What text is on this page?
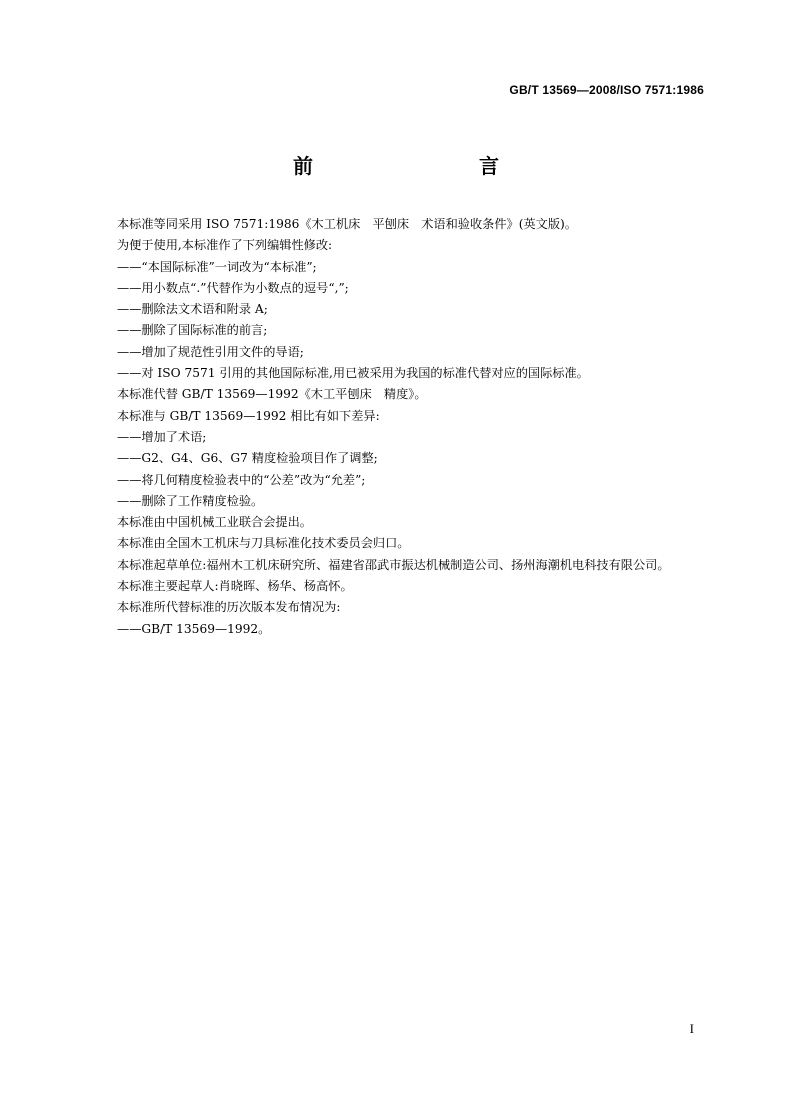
GB/T 13569—2008/ISO 7571:1986
前　　言

本标准等同采用 ISO 7571:1986《木工机床　平刨床　术语和验收条件》(英文版)。

为便于使用,本标准作了下列编辑性修改:

——“本国际标准”一词改为“本标准”;

——用小数点“.”代替作为小数点的逗号“,”;

——删除法文术语和附录 A;

——删除了国际标准的前言;

——增加了规范性引用文件的导语;

——对 ISO 7571 引用的其他国际标准,用已被采用为我国的标准代替对应的国际标准。

本标准代替 GB/T 13569—1992《木工平刨床　精度》。

本标准与 GB/T 13569—1992 相比有如下差异:

——增加了术语;

——G2、G4、G6、G7 精度检验项目作了调整;

——将几何精度检验表中的“公差”改为“允差”;

——删除了工作精度检验。

本标准由中国机械工业联合会提出。

本标准由全国木工机床与刀具标准化技术委员会归口。

本标准起草单位:福州木工机床研究所、福建省邵武市振达机械制造公司、扬州海潮机电科技有限公司。

本标准主要起草人:肖晓晖、杨华、杨高怀。

本标准所代替标准的历次版本发布情况为:

——GB/T 13569—1992。

I
